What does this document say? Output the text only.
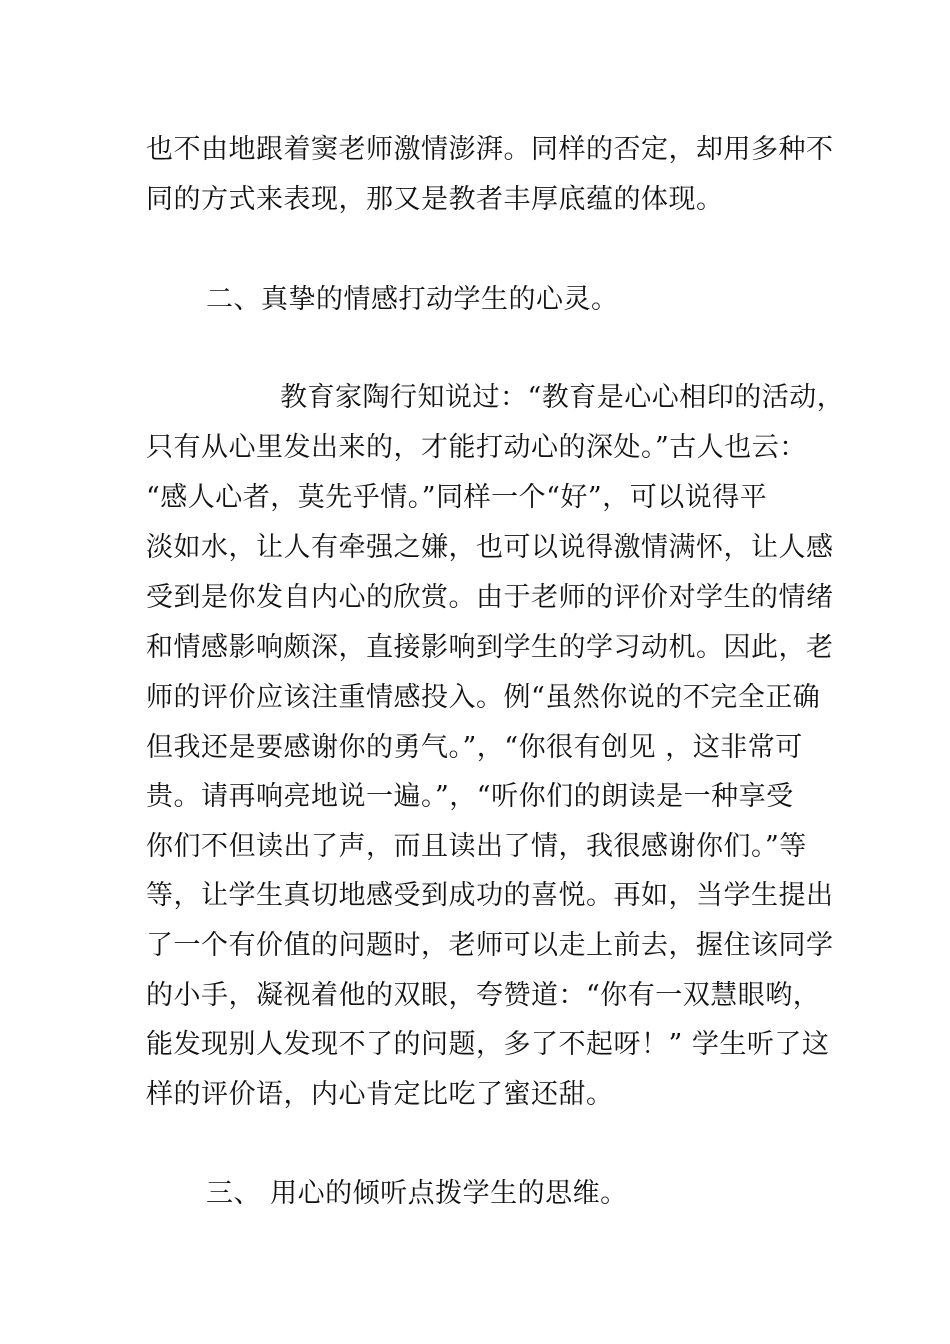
也不由地跟着窦老师激情澎湃。同样的否定，却用多种不
同的方式来表现，那又是教者丰厚底蕴的体现。
二、真挚的情感打动学生的心灵。
教育家陶行知说过：“教育是心心相印的活动，
只有从心里发出来的，才能打动心的深处。”古人也云：
“感人心者，莫先乎情。”同样一个“好”，可以说得平
淡如水，让人有牵强之嫌，也可以说得激情满怀，让人感
受到是你发自内心的欣赏。由于老师的评价对学生的情绪
和情感影响颇深，直接影响到学生的学习动机。因此，老
师的评价应该注重情感投入。例“虽然你说的不完全正确
但我还是要感谢你的勇气。”，“你很有创见 ，这非常可
贵。请再响亮地说一遍。”，“听你们的朗读是一种享受
你们不但读出了声，而且读出了情，我很感谢你们。”等
等，让学生真切地感受到成功的喜悦。再如，当学生提出
了一个有价值的问题时，老师可以走上前去，握住该同学
的小手，凝视着他的双眼，夸赞道：“你有一双慧眼哟，
能发现别人发现不了的问题，多了不起呀！” 学生听了这
样的评价语，内心肯定比吃了蜜还甜。
三、 用心的倾听点拨学生的思维。
